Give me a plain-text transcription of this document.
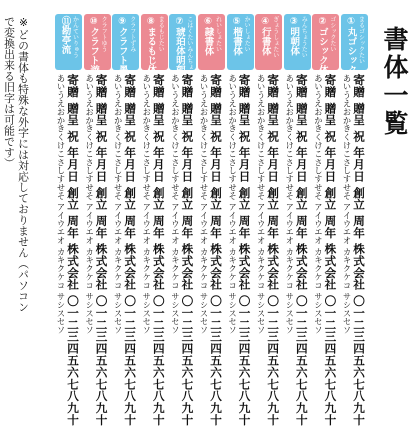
書体一覧
※どの書体も特殊な外字には対応しておりません（パソコン
で変換出来る旧字は可能です）	まるゴシックたい
①丸ゴシック体
寄贈 贈呈 祝 年月日 創立 周年 株式会社 〇一二三四五六七八九十
あいうえおかきくけこさしすせそ アイウエオ カキクケコ サシスセソ
ゴシックたい
②ゴシック体
寄贈 贈呈 祝 年月日 創立 周年 株式会社 〇一二三四五六七八九十
あいうえおかきくけこさしすせそ アイウエオ カキクケコ サシスセソ
みんちょうたい
③明朝体
寄贈 贈呈 祝 年月日 創立 周年 株式会社 〇一二三四五六七八九十
あいうえおかきくけこさしすせそ アイウエオ カキクケコ サシスセソ
ぎょうしょたい
④行書体
寄贈 贈呈 祝 年月日 創立 周年 株式会社 〇一二三四五六七八九十
あいうえおかきくけこさしすせそ アイウエオ カキクケコ サシスセソ
かいしょたい
⑤楷書体
寄贈 贈呈 祝 年月日 創立 周年 株式会社 〇一二三四五六七八九十
あいうえおかきくけこさしすせそ アイウエオ カキクケコ サシスセソ
れいしょたい
⑥隷書体
寄贈 贈呈 祝 年月日 創立 周年 株式会社 〇一二三四五六七八九十
あいうえおかきくけこさしすせそ アイウエオ カキクケコ サシスセソ
こはくたいみんちょうたい
⑦琥珀体明朝体
寄贈 贈呈 祝 年月日 創立 周年 株式会社 〇一二三四五六七八九十
あいうえおかきくけこさしすせそ アイウエオ カキクケコ サシスセソ
まるもじたい
⑧まるもじ体
寄贈 贈呈 祝 年月日 創立 周年 株式会社 〇一二三四五六七八九十
あいうえおかきくけこさしすせそ アイウエオ カキクケコ サシスセソ
クラフトずみ
⑨クラフト墨
寄贈 贈呈 祝 年月日 創立 周年 株式会社 〇一二三四五六七八九十
あいうえおかきくけこさしすせそ アイウエオ カキクケコ サシスセソ
クラフトゆう
⑩クラフト遊
寄贈 贈呈 祝 年月日 創立 周年 株式会社 〇一二三四五六七八九十
あいうえおかきくけこさしすせそ アイウエオ カキクケコ サシスセソ
かんていりゅう
⑪勘亭流
寄贈 贈呈 祝 年月日 創立 周年 株式会社 〇一二三四五六七八九十
あいうえおかきくけこさしすせそ アイウエオ カキクケコ サシスセソ
